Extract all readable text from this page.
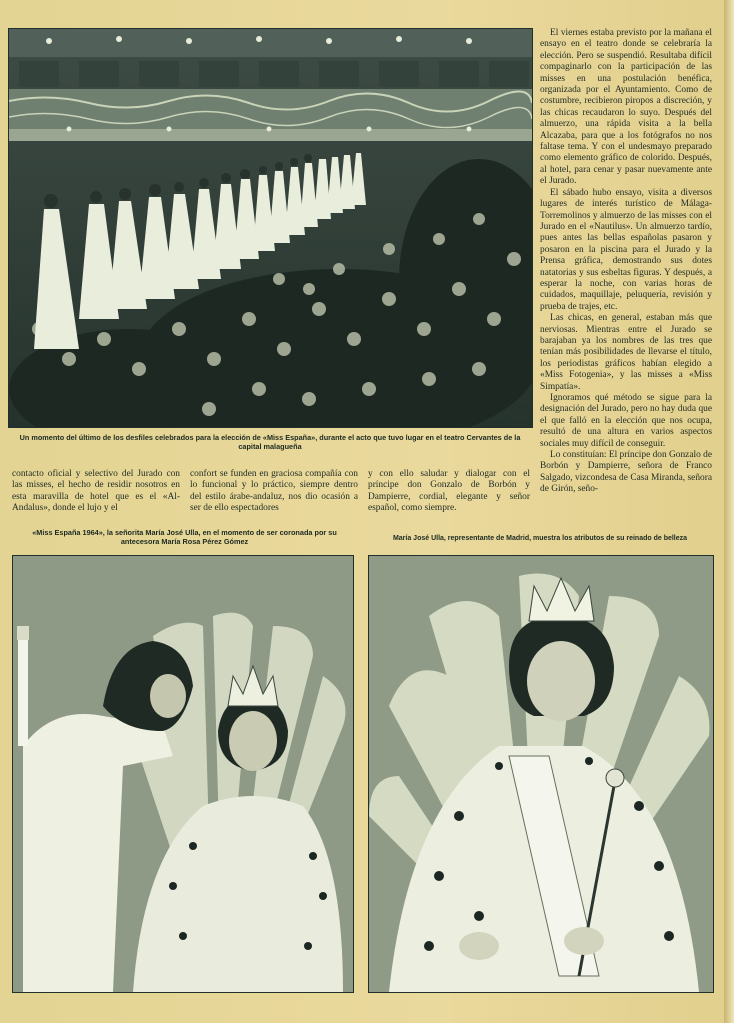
Un momento del último de los desfiles celebrados para la elección de «Miss España», durante el acto que tuvo lugar en el teatro Cervantes de la capital malagueña

El viernes estaba previsto por la mañana el ensayo en el teatro donde se celebraría la elección. Pero se suspendió. Resultaba difícil compaginarlo con la participación de las misses en una postulación benéfica, organizada por el Ayuntamiento. Como de costumbre, recibieron piropos a discreción, y las chicas recaudaron lo suyo. Después del almuerzo, una rápida visita a la bella Alcazaba, para que a los fotógrafos no nos faltase tema. Y con el undesmayo preparado como elemento gráfico de colorido. Después, al hotel, para cenar y pasar nuevamente ante el Jurado.

El sábado hubo ensayo, visita a diversos lugares de interés turístico de Málaga-Torremolinos y almuerzo de las misses con el Jurado en el «Nautilus». Un almuerzo tardío, pues antes las bellas españolas pasaron y posaron en la piscina para el Jurado y la Prensa gráfica, demostrando sus dotes natatorias y sus esbeltas figuras. Y después, a esperar la noche, con varias horas de cuidados, maquillaje, peluquería, revisión y prueba de trajes, etc.

Las chicas, en general, estaban más que nerviosas. Mientras entre el Jurado se barajaban ya los nombres de las tres que tenían más posibilidades de llevarse el título, los periodistas gráficos habían elegido a «Miss Fotogenia», y las misses a «Miss Simpatía».

Ignoramos qué método se sigue para la designación del Jurado, pero no hay duda que el que falló en la elección que nos ocupa, resultó de una altura en varios aspectos sociales muy difícil de conseguir.

Lo constituían: El príncipe don Gonzalo de Borbón y Dampierre, señora de Franco Salgado, vizcondesa de Casa Miranda, señora de Girón, seño-

contacto oficial y selectivo del Jurado con las misses, el hecho de residir nosotros en esta maravilla de hotel que es el «Al-Andalus», donde el lujo y el
confort se funden en graciosa compañía con lo funcional y lo práctico, siempre dentro del estilo árabe-andaluz, nos dio ocasión a ser de ello espectadores
y con ello saludar y dialogar con el príncipe don Gonzalo de Borbón y Dampierre, cordial, elegante y señor español, como siempre.
«Miss España 1964», la señorita María José Ulla, en el momento de ser coronada por su antecesora María Rosa Pérez Gómez	María José Ulla, representante de Madrid, muestra los atributos de su reinado de belleza
